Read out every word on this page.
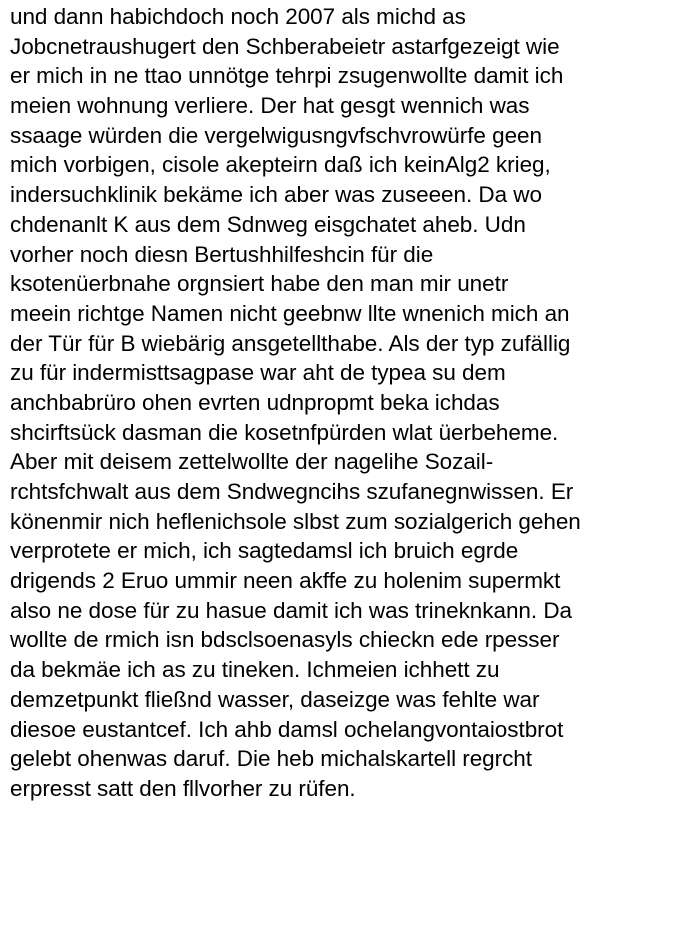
und dann habichdoch noch 2007 als michd as
Jobcnetraushugert den Schberabeietr astarfgezeigt wie
er mich in ne ttao unnötge tehrpi zsugenwollte damit ich
meien wohnung verliere. Der hat gesgt wennich was
ssaage würden die vergelwigusngvfschvrowürfe geen
mich vorbigen, cisole akepteirn daß ich keinAlg2 krieg,
indersuchklinik bekäme ich aber was zuseeen. Da wo
chdenanlt K aus dem Sdnweg eisgchatet aheb. Udn
vorher noch diesn Bertushhilfeshcin für die
ksotenüerbnahe orgnsiert habe den man mir unetr
meein richtge Namen nicht geebnw llte wnenich mich an
der Tür für B wiebärig ansgetellthabe. Als der typ zufällig
zu für indermisttsagpase war aht de typea su dem
anchbabrüro ohen evrten udnpropmt beka ichdas
shcirftsück dasman die kosetnfpürden wlat üerbeheme.
Aber mit deisem zettelwollte der nagelihe Sozail-
rchtsfchwalt aus dem Sndwegncihs szufanegnwissen. Er
könenmir nich heflenichsole slbst zum sozialgerich gehen
verprotete er mich, ich sagtedamsl ich bruich egrde
drigends 2 Eruo ummir neen akffe zu holenim supermkt
also ne dose für zu hasue damit ich was trineknkann. Da
wollte de rmich isn bdsclsoenasyls chieckn ede rpesser
da bekmäe ich as zu tineken. Ichmeien ichhett zu
demzetpunkt fließnd wasser, daseizge was fehlte war
diesoe eustantcef. Ich ahb damsl ochelangvontaiostbrot
gelebt ohenwas daruf. Die heb michalskartell regrcht
erpresst satt den fllvorher zu rüfen.
